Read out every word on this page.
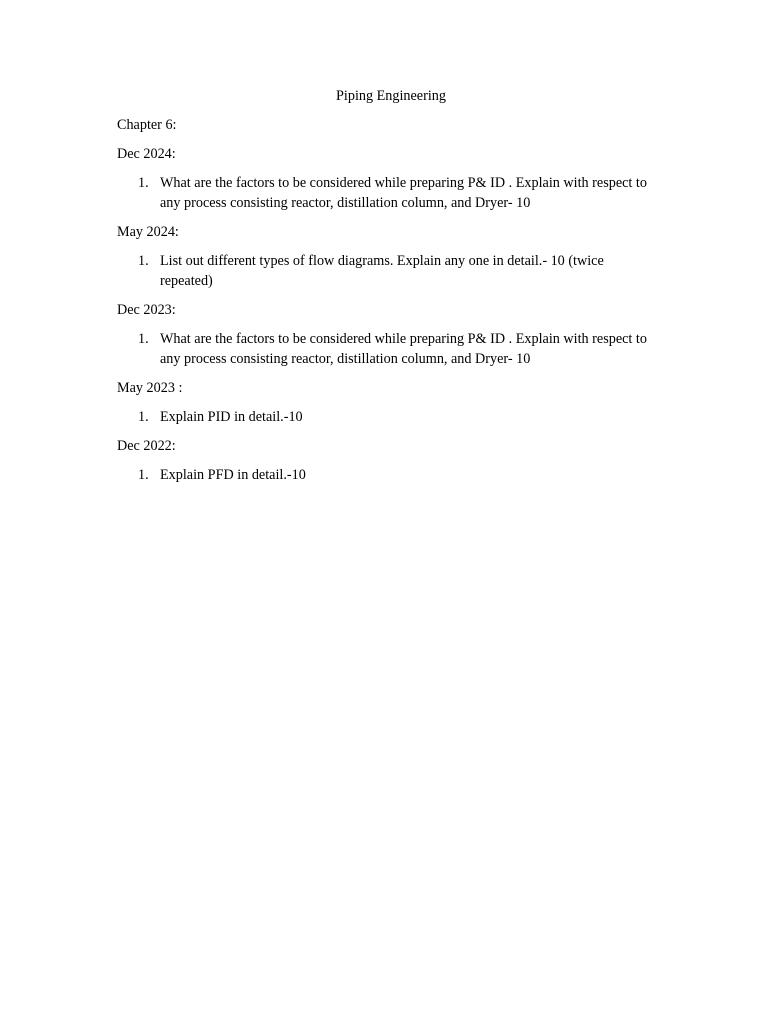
Piping Engineering
Chapter 6:
Dec 2024:
1. What are the factors to be considered while preparing P& ID . Explain with respect to any process consisting reactor, distillation column, and Dryer- 10
May 2024:
1. List out different types of flow diagrams. Explain any one in detail.- 10 (twice repeated)
Dec 2023:
1. What are the factors to be considered while preparing P& ID . Explain with respect to any process consisting reactor, distillation column, and Dryer- 10
May 2023 :
1. Explain PID in detail.-10
Dec 2022:
1. Explain PFD in detail.-10
